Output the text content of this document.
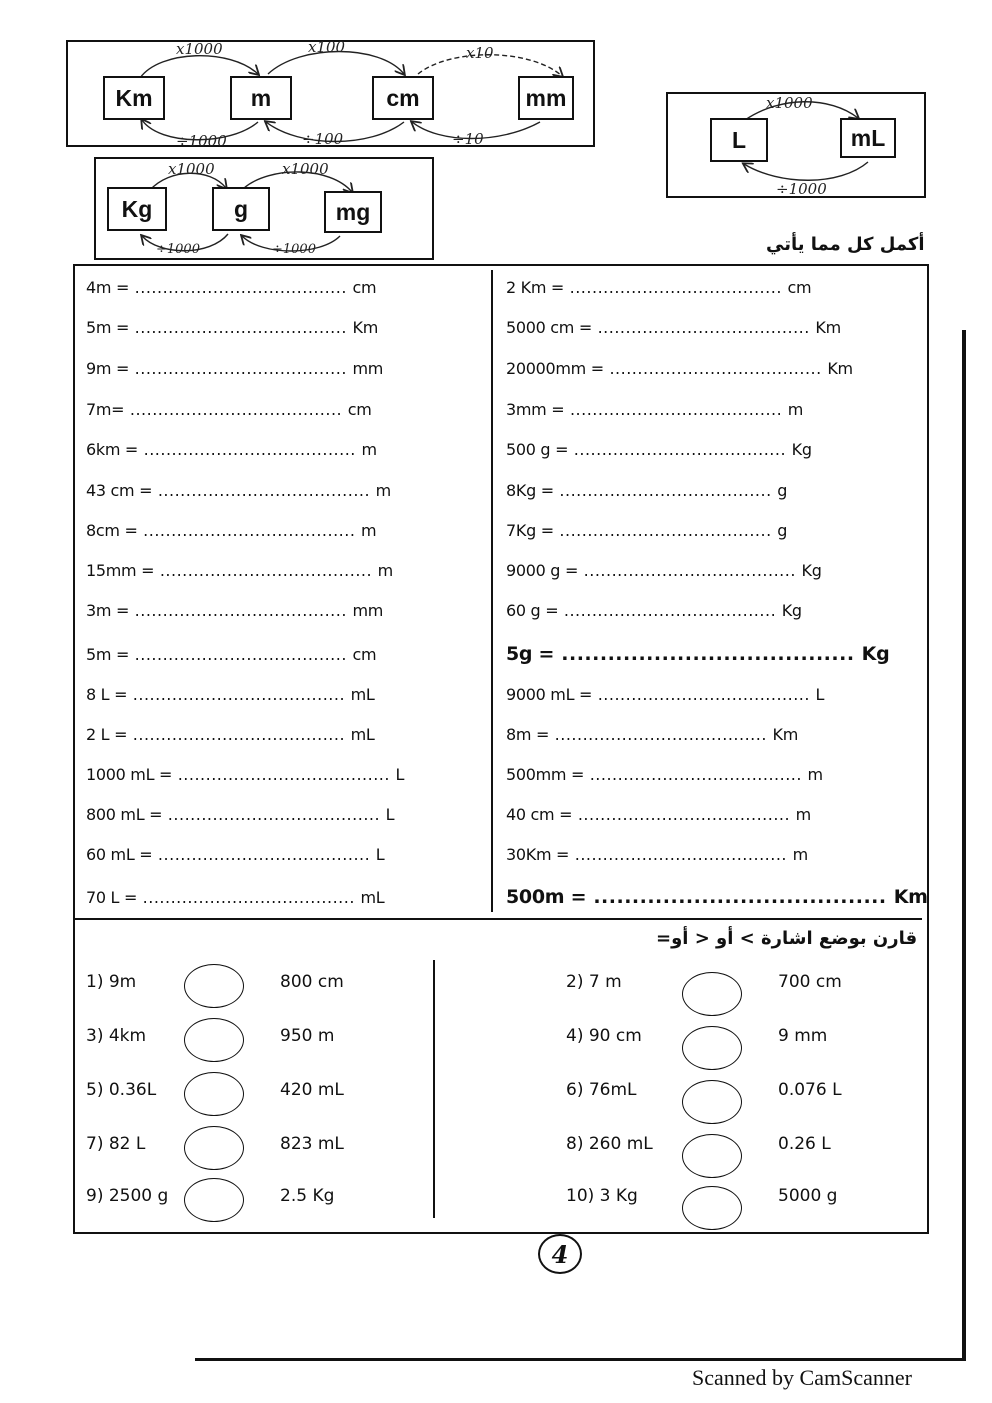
Km	m	cm	mm
x1000	x100	x10
÷1000	÷100	÷10
Kg	g	mg
x1000	x1000
÷1000	÷1000
L	mL
x1000
÷1000
أكمل كل مما يأتي
4m = ...................................... cm
5m = ...................................... Km
9m = ...................................... mm
7m= ...................................... cm
6km = ...................................... m
43 cm = ...................................... m
8cm = ...................................... m
15mm = ...................................... m
3m = ...................................... mm
5m = ...................................... cm
8 L = ...................................... mL
2 L = ...................................... mL
1000 mL = ...................................... L
800 mL = ...................................... L
60 mL = ...................................... L
70 L = ...................................... mL
2 Km = ...................................... cm
5000 cm = ...................................... Km
20000mm = ...................................... Km
3mm = ...................................... m
500 g = ...................................... Kg
8Kg = ...................................... g
7Kg = ...................................... g
9000 g = ...................................... Kg
60 g = ...................................... Kg
5g = ...................................... Kg
9000 mL = ...................................... L
8m = ...................................... Km
500mm = ...................................... m
40 cm = ...................................... m
30Km = ...................................... m
500m = ...................................... Km
قارن بوضع اشارة > أو < أو=
1) 9m	800 cm
3) 4km	950 m
5) 0.36L	420 mL
7) 82 L	823 mL
9) 2500 g	2.5 Kg
2) 7 m	700 cm
4) 90 cm	9 mm
6) 76mL	0.076 L
8) 260 mL	0.26 L
10) 3 Kg	5000 g
4
Scanned by CamScanner
